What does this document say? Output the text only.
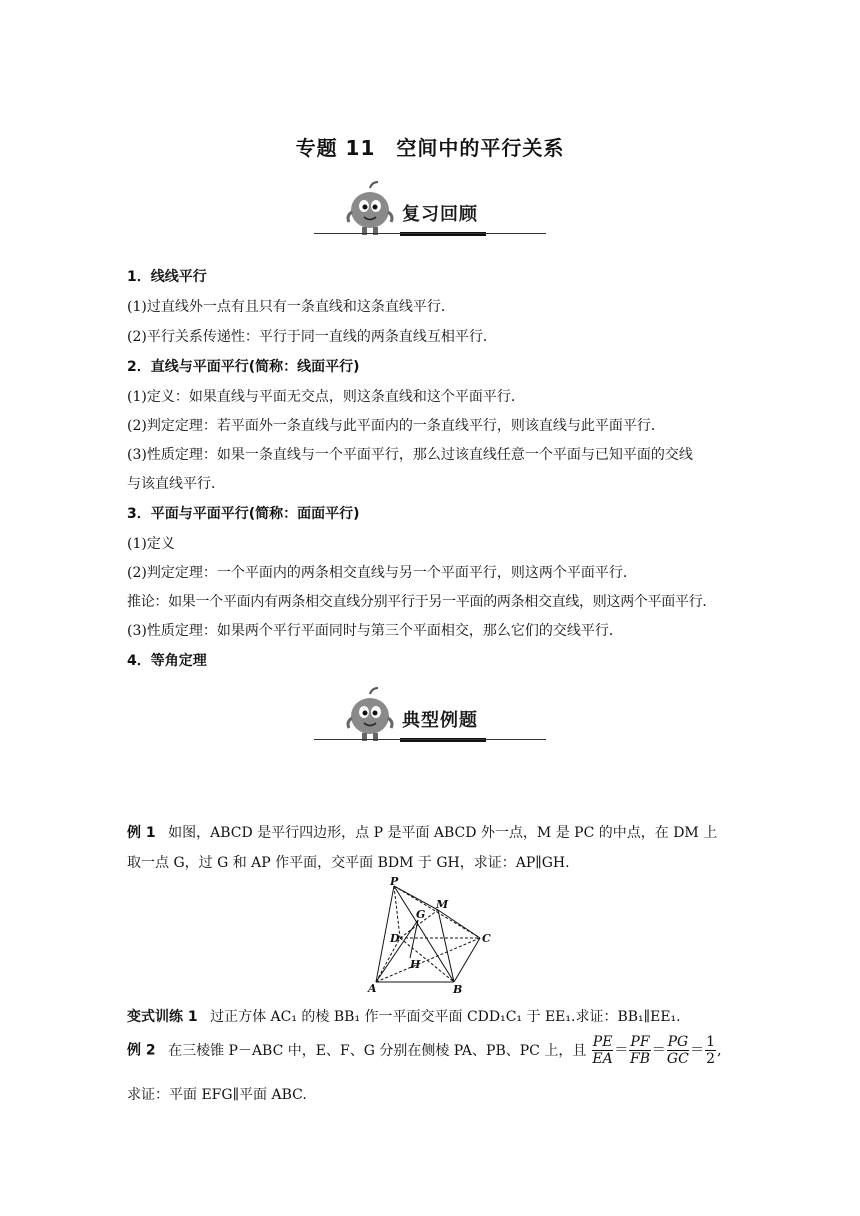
专题 11　空间中的平行关系
复习回顾
1．线线平行
(1)过直线外一点有且只有一条直线和这条直线平行．
(2)平行关系传递性：平行于同一直线的两条直线互相平行．
2．直线与平面平行(简称：线面平行)
(1)定义：如果直线与平面无交点，则这条直线和这个平面平行．
(2)判定定理：若平面外一条直线与此平面内的一条直线平行，则该直线与此平面平行．
(3)性质定理：如果一条直线与一个平面平行，那么过该直线任意一个平面与已知平面的交线
与该直线平行．
3．平面与平面平行(简称：面面平行)
(1)定义
(2)判定定理：一个平面内的两条相交直线与另一个平面平行，则这两个平面平行．
推论：如果一个平面内有两条相交直线分别平行于另一平面的两条相交直线，则这两个平面平行．
(3)性质定理：如果两个平行平面同时与第三个平面相交，那么它们的交线平行．
4．等角定理
典型例题
例 1 如图，ABCD 是平行四边形，点 P 是平面 ABCD 外一点，M 是 PC 的中点，在 DM 上
取一点 G，过 G 和 AP 作平面，交平面 BDM 于 GH，求证：AP∥GH.
P
G
M
D	C
H
A	B
变式训练 1 过正方体 AC₁ 的棱 BB₁ 作一平面交平面 CDD₁C₁ 于 EE₁.求证：BB₁∥EE₁.
例 2 在三棱锥 P－ABC 中，E、F、G 分别在侧棱 PA、PB、PC 上，且 $\frac{PE}{EA} = \frac{PF}{FB} = \frac{PG}{GC} = \frac{1}{2}$ ,
求证：平面 EFG∥平面 ABC.
